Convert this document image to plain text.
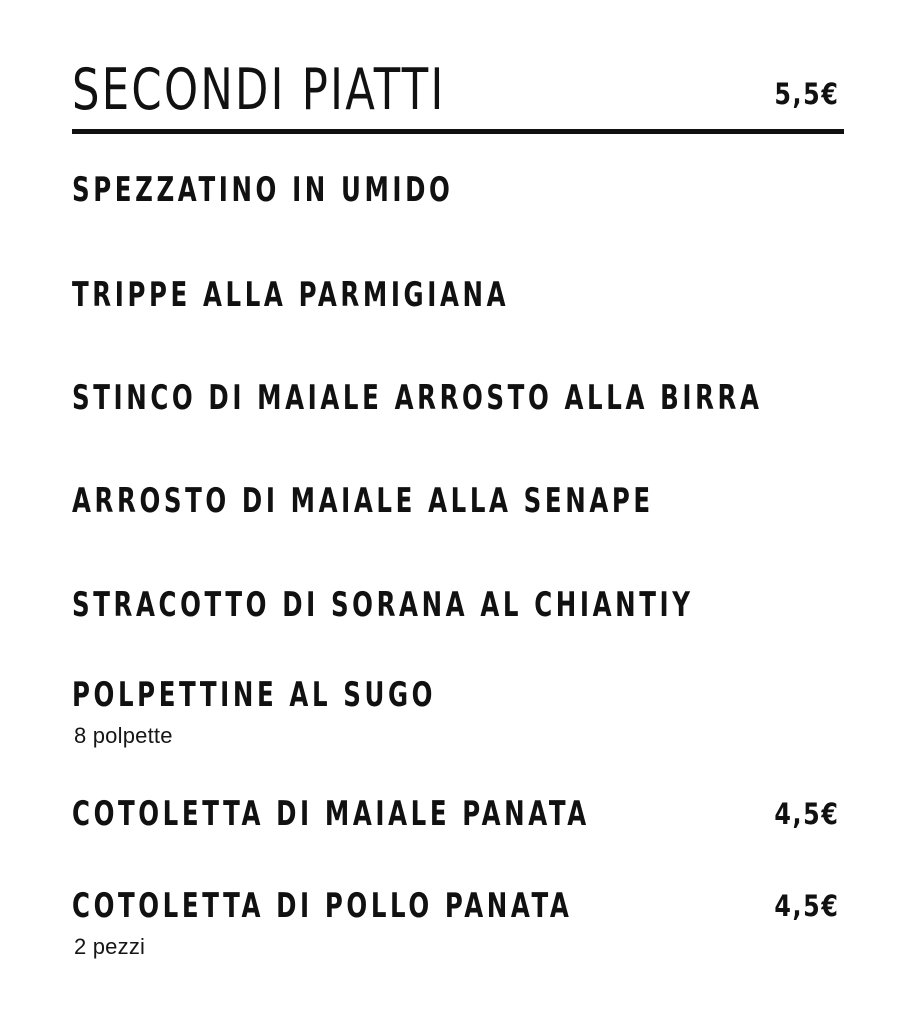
SECONDI PIATTI	5,5€
SPEZZATINO IN UMIDO
TRIPPE ALLA PARMIGIANA
STINCO DI MAIALE ARROSTO ALLA BIRRA
ARROSTO DI MAIALE ALLA SENAPE
STRACOTTO DI SORANA AL CHIANTIY
POLPETTINE AL SUGO
8 polpette
COTOLETTA DI MAIALE PANATA	4,5€
COTOLETTA DI POLLO PANATA	4,5€
2 pezzi
